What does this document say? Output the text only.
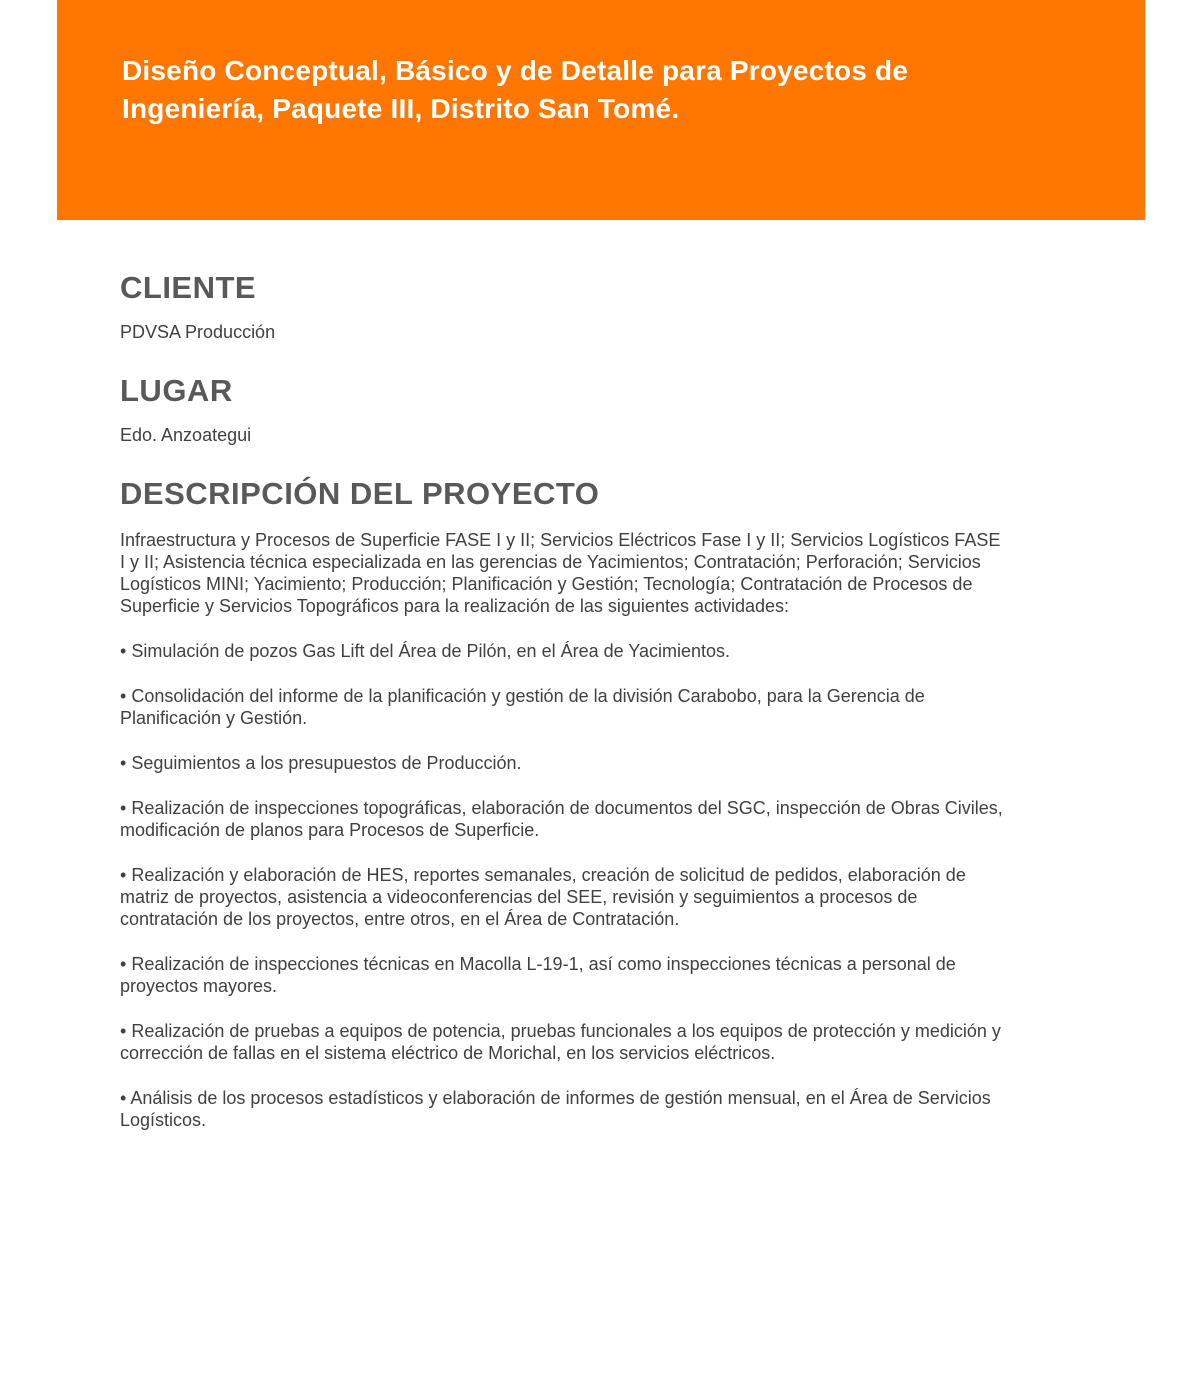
Diseño Conceptual, Básico y de Detalle para Proyectos de Ingeniería, Paquete III, Distrito San Tomé.
CLIENTE
PDVSA Producción
LUGAR
Edo. Anzoategui
DESCRIPCIÓN DEL PROYECTO

Infraestructura y Procesos de Superficie FASE I y II; Servicios Eléctricos Fase I y II; Servicios Logísticos FASE I y II; Asistencia técnica especializada en las gerencias de Yacimientos; Contratación; Perforación; Servicios Logísticos MINI; Yacimiento; Producción; Planificación y Gestión; Tecnología; Contratación de Procesos de Superficie y Servicios Topográficos para la realización de las siguientes actividades:

• Simulación de pozos Gas Lift del Área de Pilón, en el Área de Yacimientos.

• Consolidación del informe de la planificación y gestión de la división Carabobo, para la Gerencia de Planificación y Gestión.

• Seguimientos a los presupuestos de Producción.

• Realización de inspecciones topográficas, elaboración de documentos del SGC, inspección de Obras Civiles, modificación de planos para Procesos de Superficie.

• Realización y elaboración de HES, reportes semanales, creación de solicitud de pedidos, elaboración de matriz de proyectos, asistencia a videoconferencias del SEE, revisión y seguimientos a procesos de contratación de los proyectos, entre otros, en el Área de Contratación.

• Realización de inspecciones técnicas en Macolla L-19-1, así como inspecciones técnicas a personal de proyectos mayores.

• Realización de pruebas a equipos de potencia, pruebas funcionales a los equipos de protección y medición y corrección de fallas en el sistema eléctrico de Morichal, en los servicios eléctricos.

• Análisis de los procesos estadísticos y elaboración de informes de gestión mensual, en el Área de Servicios Logísticos.
